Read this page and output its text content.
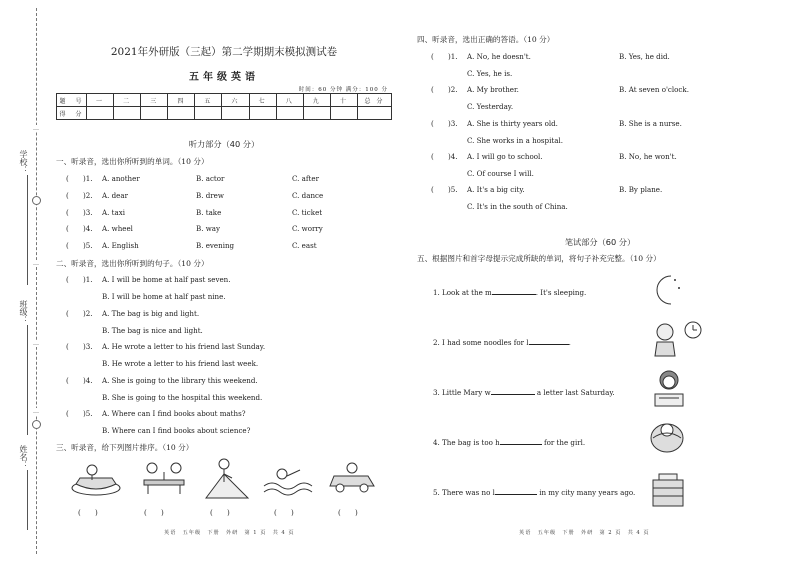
学校：
班级：
姓名：
…
…
…
…
2021年外研版（三起）第二学期期末模拟测试卷
五年级英语
时间：60 分钟 满分：100 分
题　号	一	二	三	四	五	六	七	八	九	十	总 分
得　分											
听力部分（40 分）
一、听录音，选出你所听到的单词。（10 分）
(　　)1. A. another	B. actor	C. after
(　　)2. A. dear	B. drew	C. dance
(　　)3. A. taxi	B. take	C. ticket
(　　)4. A. wheel	B. way	C. worry
(　　)5. A. English	B. evening	C. east
二、听录音，选出你所听到的句子。（10 分）
(　　)1. A. I will be home at half past seven.
B. I will be home at half past nine.
(　　)2. A. The bag is big and light.
B. The bag is nice and light.
(　　)3. A. He wrote a letter to his friend last Sunday.
B. He wrote a letter to his friend last week.
(　　)4. A. She is going to the library this weekend.
B. She is going to the hospital this weekend.
(　　)5. A. Where can I find books about maths?
B. Where can I find books about science?
三、听录音，给下列图片排序。（10 分）
(　　)	(　　)	(　　)	(　　)	(　　)
英语　五年级　下册　外研　第 1 页　共 4 页
四、听录音，选出正确的答语。（10 分）
(　　)1. A. No, he doesn't.	B. Yes, he did.
C. Yes, he is.
(　　)2. A. My brother.	B. At seven o'clock.
C. Yesterday.
(　　)3. A. She is thirty years old.	B. She is a nurse.
C. She works in a hospital.
(　　)4. A. I will go to school.	B. No, he won't.
C. Of course I will.
(　　)5. A. It's a big city.	B. By plane.
C. It's in the south of China.
笔试部分（60 分）
五、根据图片和首字母提示完成所缺的单词，将句子补充完整。（10 分）
1. Look at the m	. It's sleeping.
2. I had some noodles for l	.
3. Little Mary w	a letter last Saturday.
4. The bag is too h	for the girl.
5. There was no l	in my city many years ago.
英语　五年级　下册　外研　第 2 页　共 4 页
